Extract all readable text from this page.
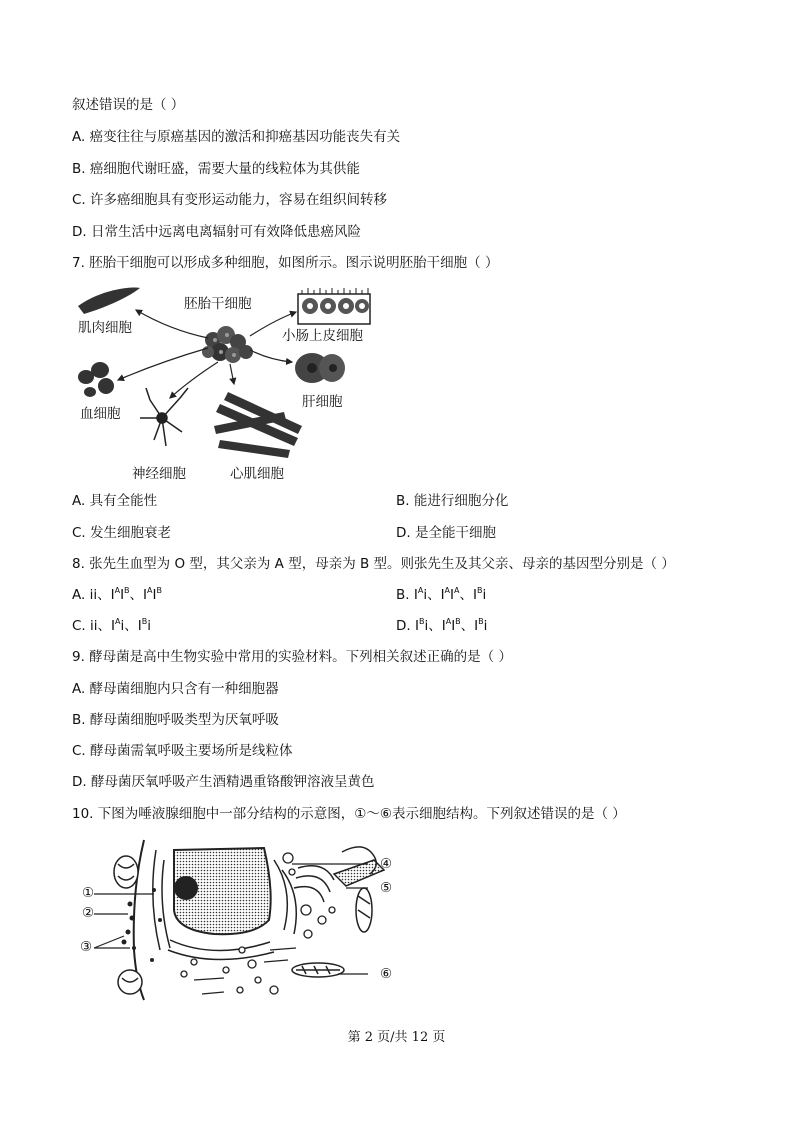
叙述错误的是（ ）
A. 癌变往往与原癌基因的激活和抑癌基因功能丧失有关
B. 癌细胞代谢旺盛，需要大量的线粒体为其供能
C. 许多癌细胞具有变形运动能力，容易在组织间转移
D. 日常生活中远离电离辐射可有效降低患癌风险
7. 胚胎干细胞可以形成多种细胞，如图所示。图示说明胚胎干细胞（ ）
胚胎干细胞
肌肉细胞	小肠上皮细胞
血细胞
肝细胞
神经细胞	心肌细胞
A. 具有全能性	B. 能进行细胞分化
C. 发生细胞衰老	D. 是全能干细胞
8. 张先生血型为 O 型，其父亲为 A 型，母亲为 B 型。则张先生及其父亲、母亲的基因型分别是（ ）
A. ii、$I^AI^B$、$I^AI^B$	B. $I^Ai$、$I^AI^A$、$I^Bi$
C. ii、$I^Ai$、$I^Bi$	D. $I^Bi$、$I^AI^B$、$I^Bi$
9. 酵母菌是高中生物实验中常用的实验材料。下列相关叙述正确的是（ ）
A. 酵母菌细胞内只含有一种细胞器
B. 酵母菌细胞呼吸类型为厌氧呼吸
C. 酵母菌需氧呼吸主要场所是线粒体
D. 酵母菌厌氧呼吸产生酒精遇重铬酸钾溶液呈黄色
10. 下图为唾液腺细胞中一部分结构的示意图，①～⑥表示细胞结构。下列叙述错误的是（ ）
①
②
③
④
⑤
⑥
第 2 页/共 12 页
